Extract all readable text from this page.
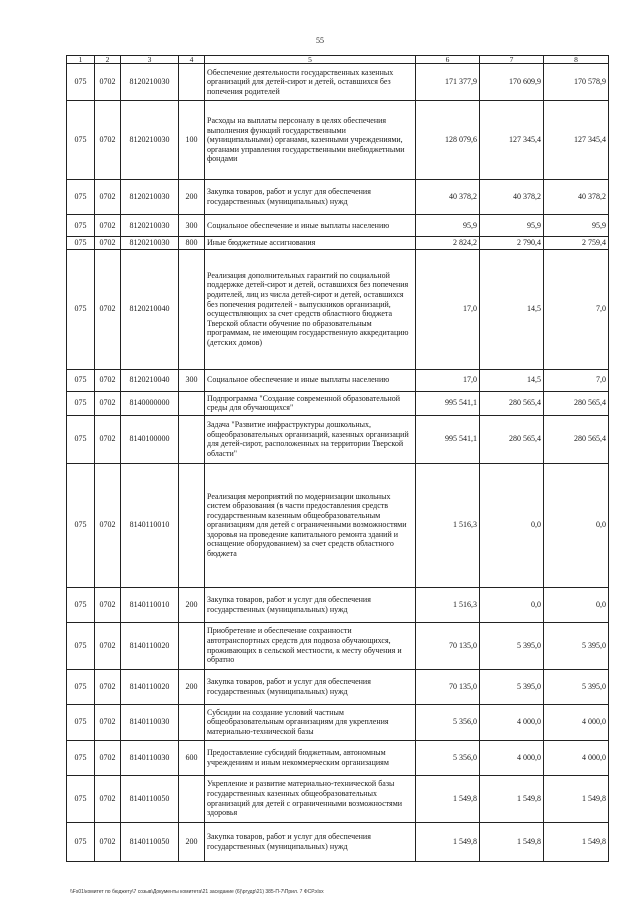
55
1	2	3	4	5	6	7	8
075	0702	8120210030		Обеспечение деятельности государственных казенных организаций для детей-сирот и детей, оставшихся без попечения родителей	171 377,9	170 609,9	170 578,9
075	0702	8120210030	100	Расходы на выплаты персоналу в целях обеспечения выполнения функций государственными (муниципальными) органами, казенными учреждениями, органами управления государственными внебюджетными фондами	128 079,6	127 345,4	127 345,4
075	0702	8120210030	200	Закупка товаров, работ и услуг для обеспечения государственных (муниципальных) нужд	40 378,2	40 378,2	40 378,2
075	0702	8120210030	300	Социальное обеспечение и иные выплаты населению	95,9	95,9	95,9
075	0702	8120210030	800	Иные бюджетные ассигнования	2 824,2	2 790,4	2 759,4
075	0702	8120210040		Реализация дополнительных гарантий по социальной поддержке детей-сирот и детей, оставшихся без попечения родителей, лиц из числа детей-сирот и детей, оставшихся без попечения родителей - выпускников организаций, осуществляющих за счет средств областного бюджета Тверской области обучение по образовательным программам, не имеющим государственную аккредитацию (детских домов)	17,0	14,5	7,0
075	0702	8120210040	300	Социальное обеспечение и иные выплаты населению	17,0	14,5	7,0
075	0702	8140000000		Подпрограмма "Создание современной образовательной среды для обучающихся"	995 541,1	280 565,4	280 565,4
075	0702	8140100000		Задача "Развитие инфраструктуры дошкольных, общеобразовательных организаций, казенных организаций для детей-сирот, расположенных на территории Тверской области"	995 541,1	280 565,4	280 565,4
075	0702	8140110010		Реализация мероприятий по модернизации школьных систем образования (в части предоставления средств государственным казенным общеобразовательным организациям для детей с ограниченными возможностями здоровья на проведение капитального ремонта зданий и оснащение оборудованием) за счет средств областного бюджета	1 516,3	0,0	0,0
075	0702	8140110010	200	Закупка товаров, работ и услуг для обеспечения государственных (муниципальных) нужд	1 516,3	0,0	0,0
075	0702	8140110020		Приобретение и обеспечение сохранности автотранспортных средств для подвоза обучающихся, проживающих в сельской местности, к месту обучения и обратно	70 135,0	5 395,0	5 395,0
075	0702	8140110020	200	Закупка товаров, работ и услуг для обеспечения государственных (муниципальных) нужд	70 135,0	5 395,0	5 395,0
075	0702	8140110030		Субсидии на создание условий частным общеобразовательным организациям для укрепления материально-технической базы	5 356,0	4 000,0	4 000,0
075	0702	8140110030	600	Предоставление субсидий бюджетным, автономным учреждениям и иным некоммерческим организациям	5 356,0	4 000,0	4 000,0
075	0702	8140110050		Укрепление и развитие материально-технической базы государственных казенных общеобразовательных организаций для детей с ограниченными возможностями здоровья	1 549,8	1 549,8	1 549,8
075	0702	8140110050	200	Закупка товаров, работ и услуг для обеспечения государственных (муниципальных) нужд	1 549,8	1 549,8	1 549,8
\\Fs01\комитет по бюджету\7 созыв\Документы комитета\21 заседание (6)\ргудр\21) 385-П-7\Прил. 7 ФСР.xlsx
